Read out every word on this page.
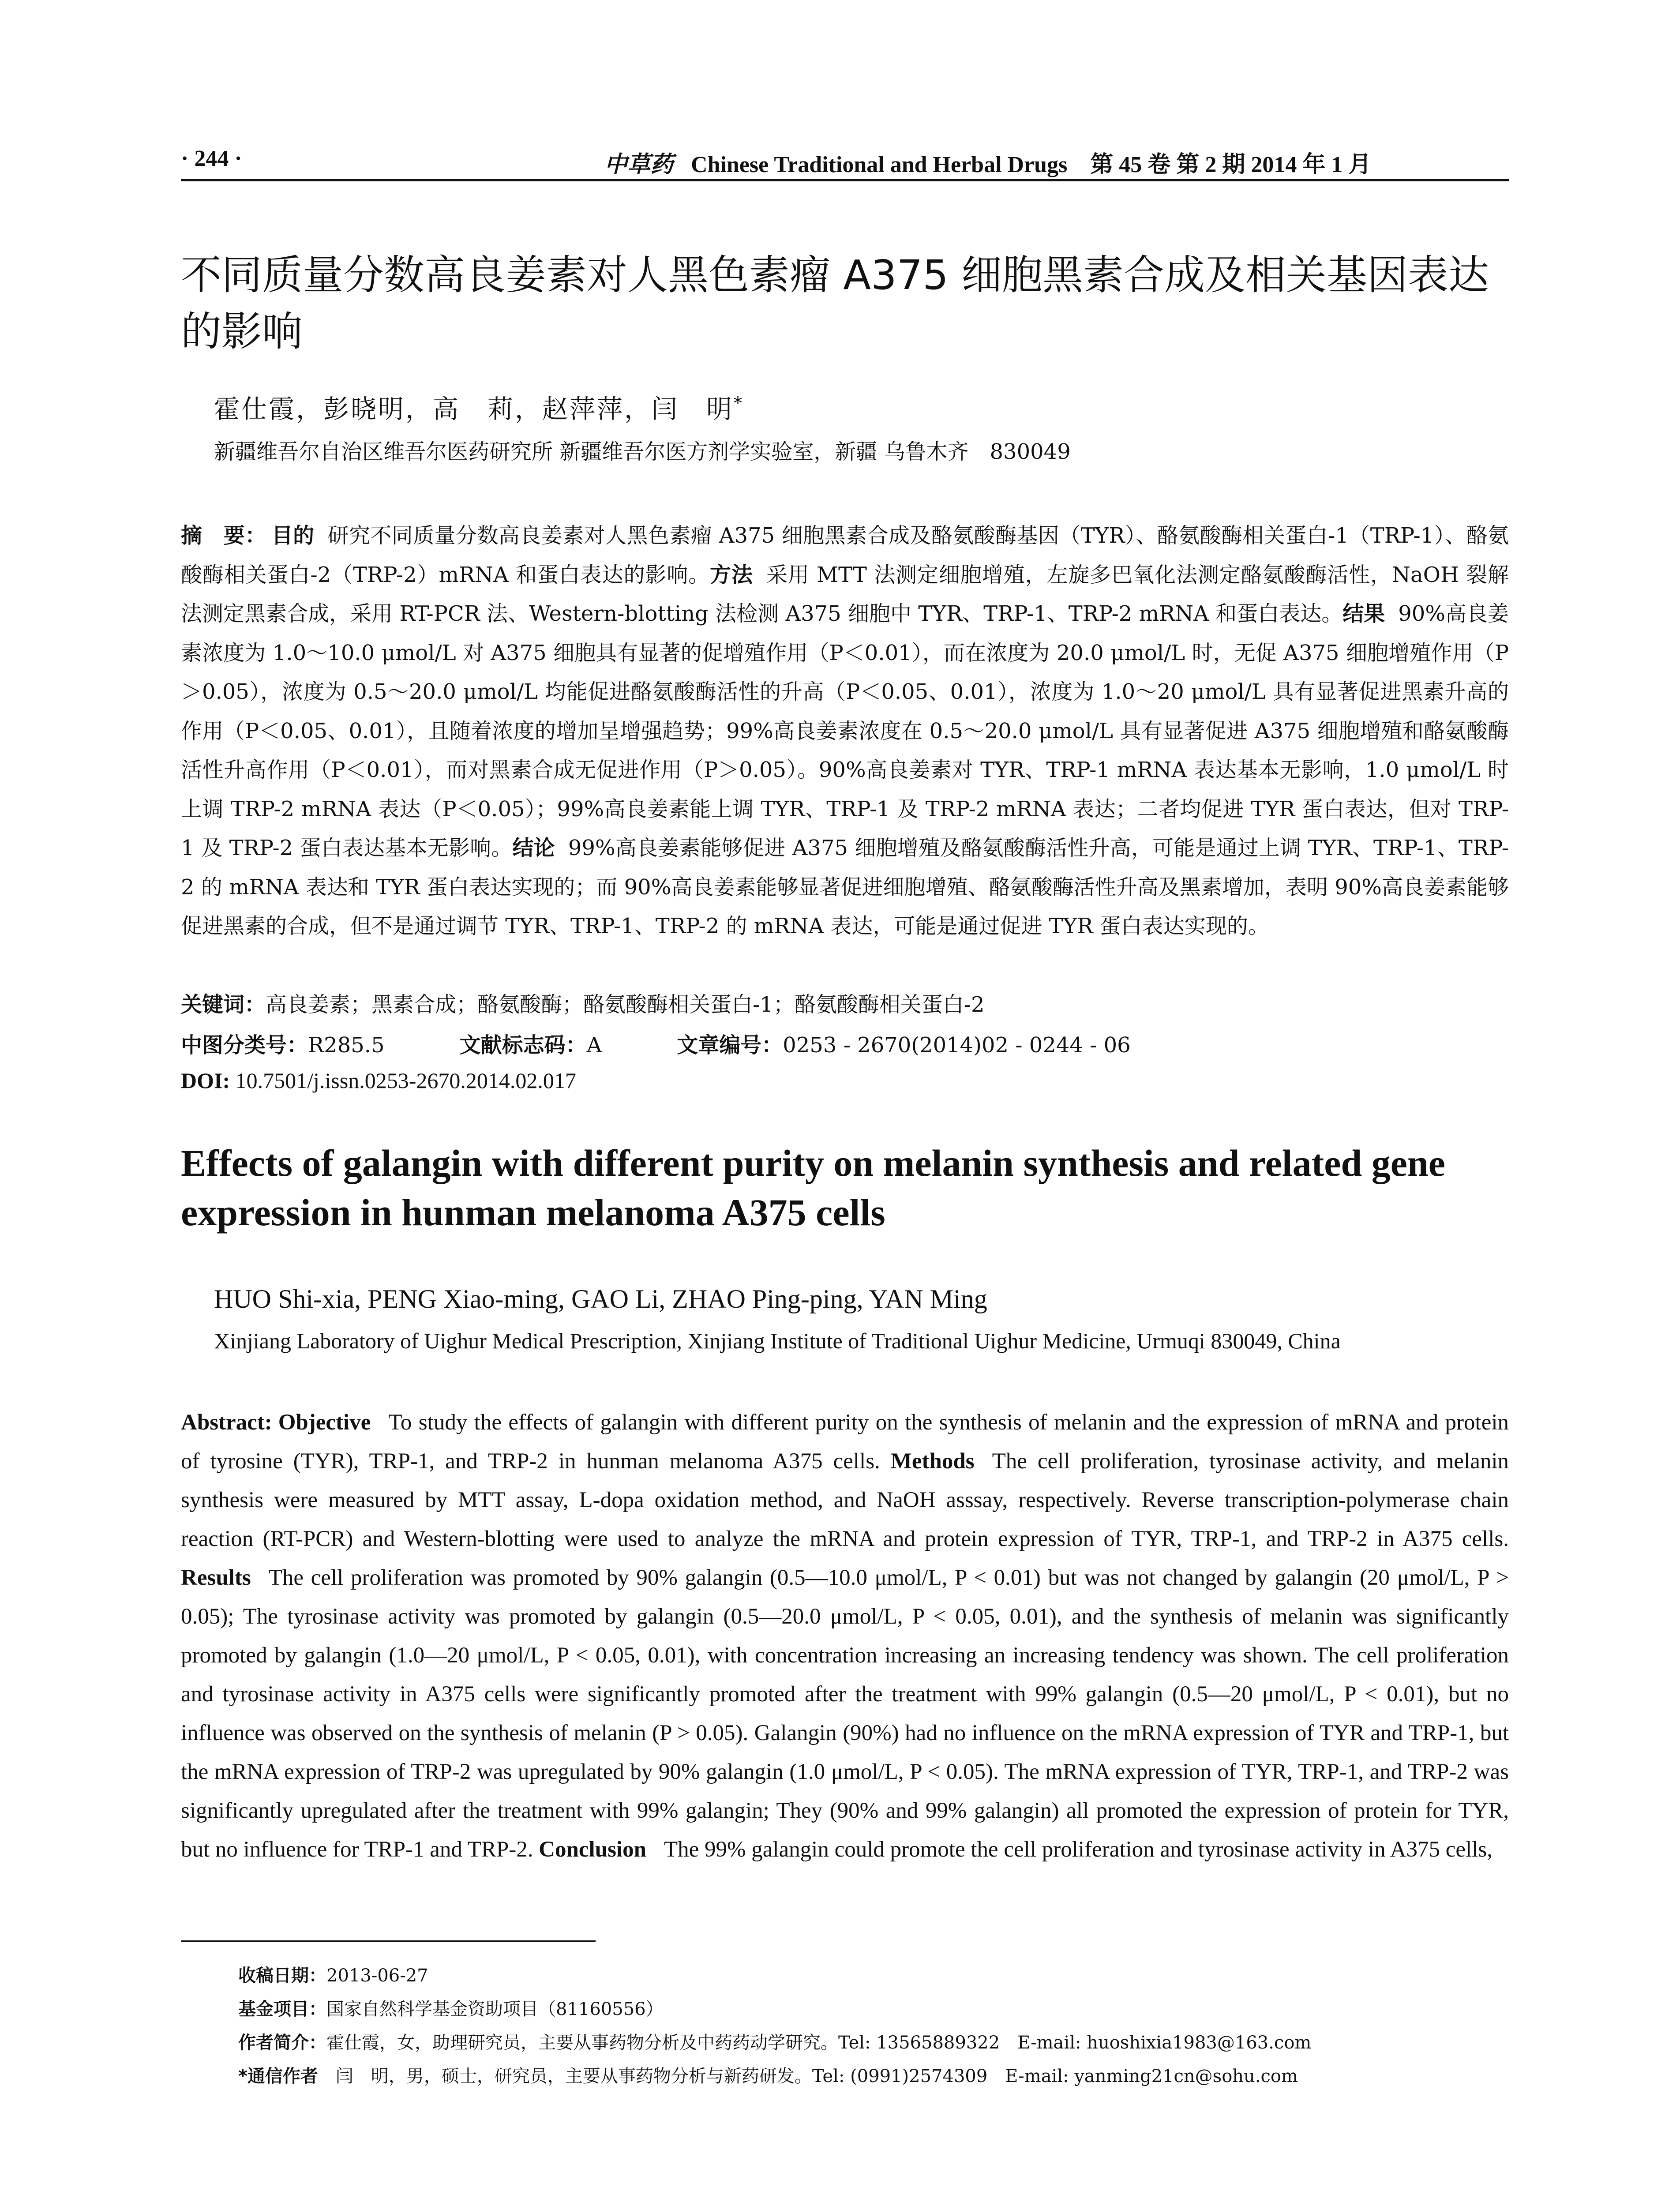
· 244 ·	中草药 Chinese Traditional and Herbal Drugs 第 45 卷 第 2 期 2014 年 1 月
不同质量分数高良姜素对人黑色素瘤 A375 细胞黑素合成及相关基因表达的影响
霍仕霞，彭晓明，高　莉，赵萍萍，闫　明*
新疆维吾尔自治区维吾尔医药研究所 新疆维吾尔医方剂学实验室，新疆 乌鲁木齐　830049
摘　要： 目的 研究不同质量分数高良姜素对人黑色素瘤 A375 细胞黑素合成及酪氨酸酶基因（TYR）、酪氨酸酶相关蛋白-1（TRP-1）、酪氨酸酶相关蛋白-2（TRP-2）mRNA 和蛋白表达的影响。方法 采用 MTT 法测定细胞增殖，左旋多巴氧化法测定酪氨酸酶活性，NaOH 裂解法测定黑素合成，采用 RT-PCR 法、Western-blotting 法检测 A375 细胞中 TYR、TRP-1、TRP-2 mRNA 和蛋白表达。结果 90%高良姜素浓度为 1.0～10.0 μmol/L 对 A375 细胞具有显著的促增殖作用（P＜0.01），而在浓度为 20.0 μmol/L 时，无促 A375 细胞增殖作用（P＞0.05），浓度为 0.5～20.0 μmol/L 均能促进酪氨酸酶活性的升高（P＜0.05、0.01），浓度为 1.0～20 μmol/L 具有显著促进黑素升高的作用（P＜0.05、0.01），且随着浓度的增加呈增强趋势；99%高良姜素浓度在 0.5～20.0 μmol/L 具有显著促进 A375 细胞增殖和酪氨酸酶活性升高作用（P＜0.01），而对黑素合成无促进作用（P＞0.05）。90%高良姜素对 TYR、TRP-1 mRNA 表达基本无影响，1.0 μmol/L 时上调 TRP-2 mRNA 表达（P＜0.05）；99%高良姜素能上调 TYR、TRP-1 及 TRP-2 mRNA 表达；二者均促进 TYR 蛋白表达，但对 TRP-1 及 TRP-2 蛋白表达基本无影响。结论 99%高良姜素能够促进 A375 细胞增殖及酪氨酸酶活性升高，可能是通过上调 TYR、TRP-1、TRP-2 的 mRNA 表达和 TYR 蛋白表达实现的；而 90%高良姜素能够显著促进细胞增殖、酪氨酸酶活性升高及黑素增加，表明 90%高良姜素能够促进黑素的合成，但不是通过调节 TYR、TRP-1、TRP-2 的 mRNA 表达，可能是通过促进 TYR 蛋白表达实现的。
关键词：高良姜素；黑素合成；酪氨酸酶；酪氨酸酶相关蛋白-1；酪氨酸酶相关蛋白-2
中图分类号：R285.5	文献标志码：A	文章编号：0253 - 2670(2014)02 - 0244 - 06
DOI: 10.7501/j.issn.0253-2670.2014.02.017
Effects of galangin with different purity on melanin synthesis and related gene expression in hunman melanoma A375 cells
HUO Shi-xia, PENG Xiao-ming, GAO Li, ZHAO Ping-ping, YAN Ming
Xinjiang Laboratory of Uighur Medical Prescription, Xinjiang Institute of Traditional Uighur Medicine, Urmuqi 830049, China
Abstract: Objective To study the effects of galangin with different purity on the synthesis of melanin and the expression of mRNA and protein of tyrosine (TYR), TRP-1, and TRP-2 in hunman melanoma A375 cells. Methods The cell proliferation, tyrosinase activity, and melanin synthesis were measured by MTT assay, L-dopa oxidation method, and NaOH asssay, respectively. Reverse transcription-polymerase chain reaction (RT-PCR) and Western-blotting were used to analyze the mRNA and protein expression of TYR, TRP-1, and TRP-2 in A375 cells. Results The cell proliferation was promoted by 90% galangin (0.5—10.0 μmol/L, P < 0.01) but was not changed by galangin (20 μmol/L, P > 0.05); The tyrosinase activity was promoted by galangin (0.5—20.0 μmol/L, P < 0.05, 0.01), and the synthesis of melanin was significantly promoted by galangin (1.0—20 μmol/L, P < 0.05, 0.01), with concentration increasing an increasing tendency was shown. The cell proliferation and tyrosinase activity in A375 cells were significantly promoted after the treatment with 99% galangin (0.5—20 μmol/L, P < 0.01), but no influence was observed on the synthesis of melanin (P > 0.05). Galangin (90%) had no influence on the mRNA expression of TYR and TRP-1, but the mRNA expression of TRP-2 was upregulated by 90% galangin (1.0 μmol/L, P < 0.05). The mRNA expression of TYR, TRP-1, and TRP-2 was significantly upregulated after the treatment with 99% galangin; They (90% and 99% galangin) all promoted the expression of protein for TYR, but no influence for TRP-1 and TRP-2. Conclusion The 99% galangin could promote the cell proliferation and tyrosinase activity in A375 cells,
收稿日期：2013-06-27
基金项目：国家自然科学基金资助项目（81160556）
作者简介：霍仕霞，女，助理研究员，主要从事药物分析及中药药动学研究。Tel: 13565889322　E-mail: huoshixia1983@163.com
*通信作者 闫　明，男，硕士，研究员，主要从事药物分析与新药研发。Tel: (0991)2574309　E-mail: yanming21cn@sohu.com
